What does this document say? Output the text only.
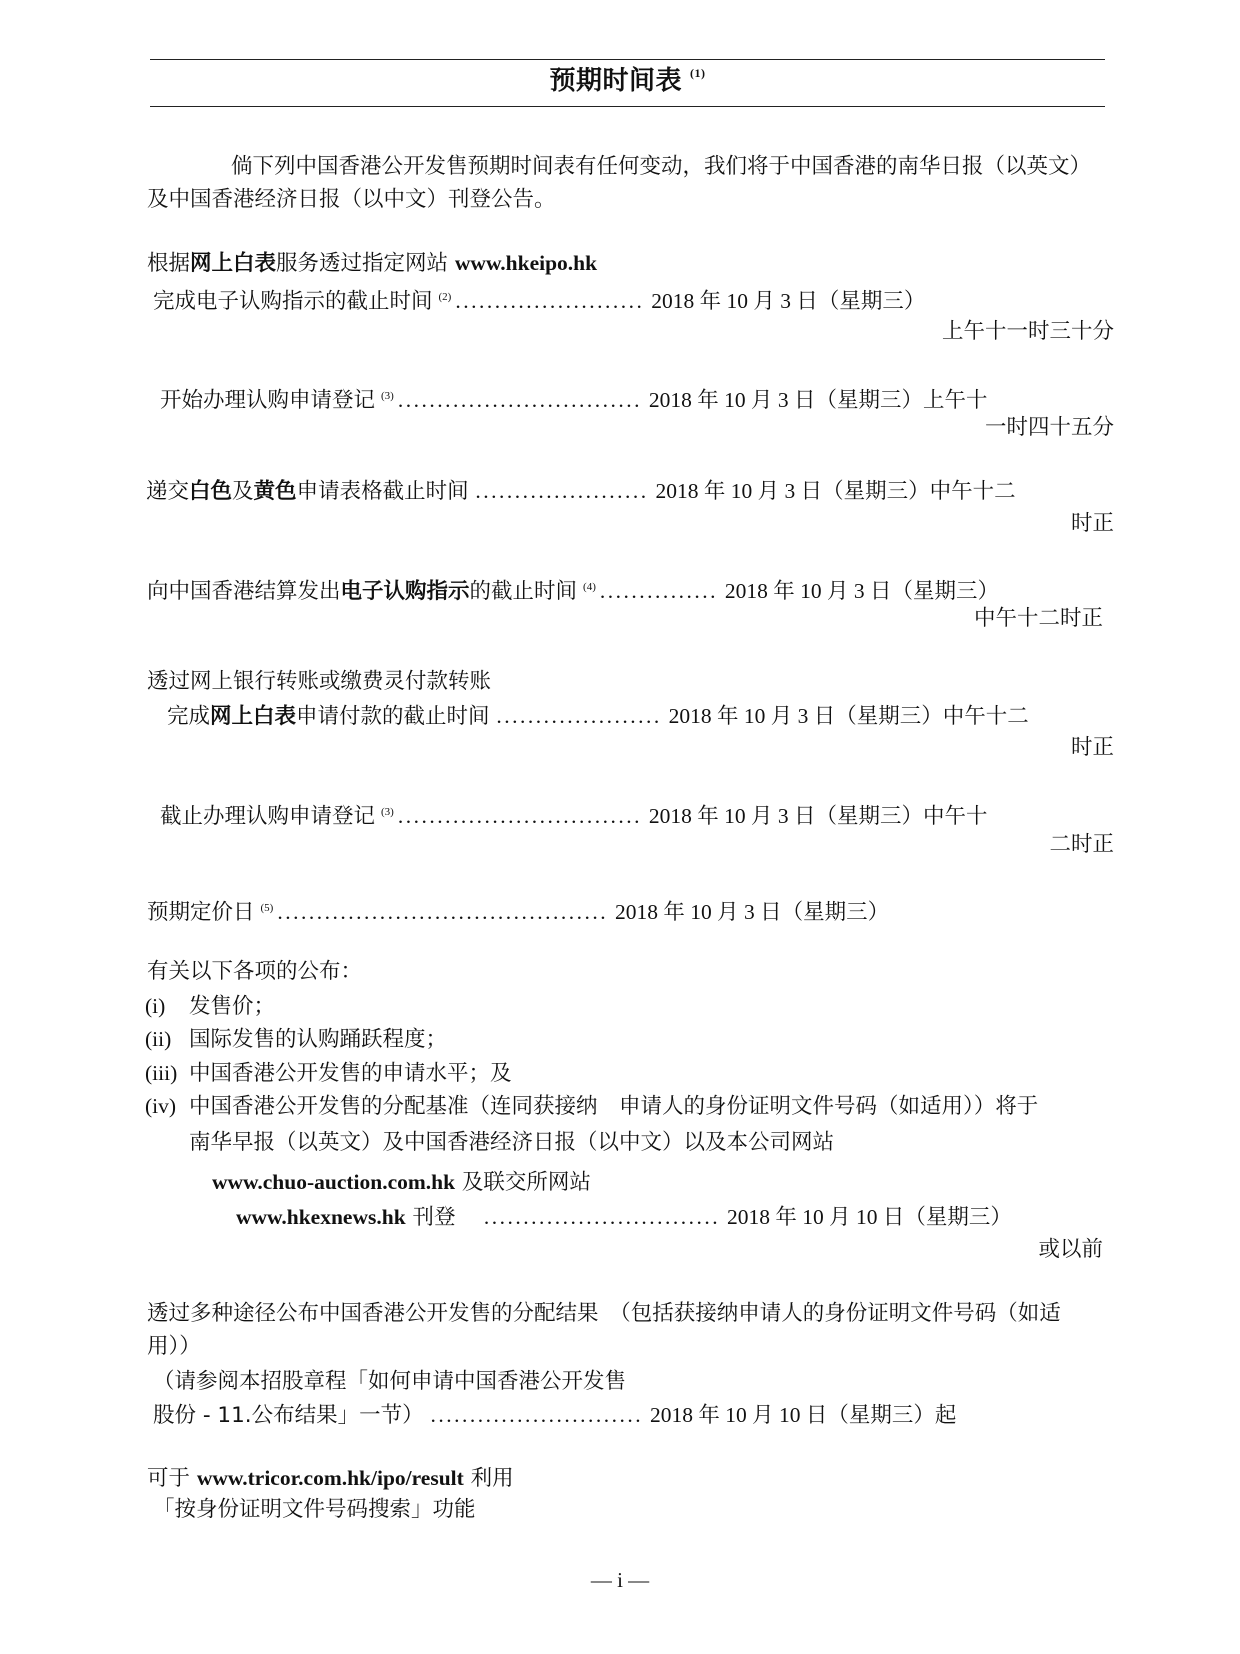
预期时间表 $^{(1)}$
倘下列中国香港公开发售预期时间表有任何变动，我们将于中国香港的南华日报（以英文）
及中国香港经济日报（以中文）刊登公告。
根据网上白表服务透过指定网站 www.hkeipo.hk
完成电子认购指示的截止时间 $^{(2)}$ ........................ 2018 年 10 月 3 日（星期三）
上午十一时三十分
开始办理认购申请登记 $^{(3)}$ ............................... 2018 年 10 月 3 日（星期三）上午十
一时四十五分
递交白色及黄色申请表格截止时间 ...................... 2018 年 10 月 3 日（星期三）中午十二
时正
向中国香港结算发出电子认购指示的截止时间 $^{(4)}$ ............... 2018 年 10 月 3 日（星期三）
中午十二时正
透过网上银行转账或缴费灵付款转账
完成网上白表申请付款的截止时间 ..................... 2018 年 10 月 3 日（星期三）中午十二
时正
截止办理认购申请登记 $^{(3)}$ ............................... 2018 年 10 月 3 日（星期三）中午十
二时正
预期定价日 $^{(5)}$ .......................................... 2018 年 10 月 3 日（星期三）
有关以下各项的公布：
(i) 发售价；
(ii) 国际发售的认购踊跃程度；
(iii) 中国香港公开发售的申请水平；及
(iv) 中国香港公开发售的分配基准（连同获接纳　申请人的身份证明文件号码（如适用））将于
南华早报（以英文）及中国香港经济日报（以中文）以及本公司网站
www.chuo-auction.com.hk 及联交所网站
www.hkexnews.hk 刊登　 .............................. 2018 年 10 月 10 日（星期三）
或以前
透过多种途径公布中国香港公开发售的分配结果　（包括获接纳申请人的身份证明文件号码（如适
用））
（请参阅本招股章程「如何申请中国香港公开发售
股份 - 11.公布结果」一节） ........................... 2018 年 10 月 10 日（星期三）起
可于 www.tricor.com.hk/ipo/result 利用
「按身份证明文件号码搜索」功能
— i —
